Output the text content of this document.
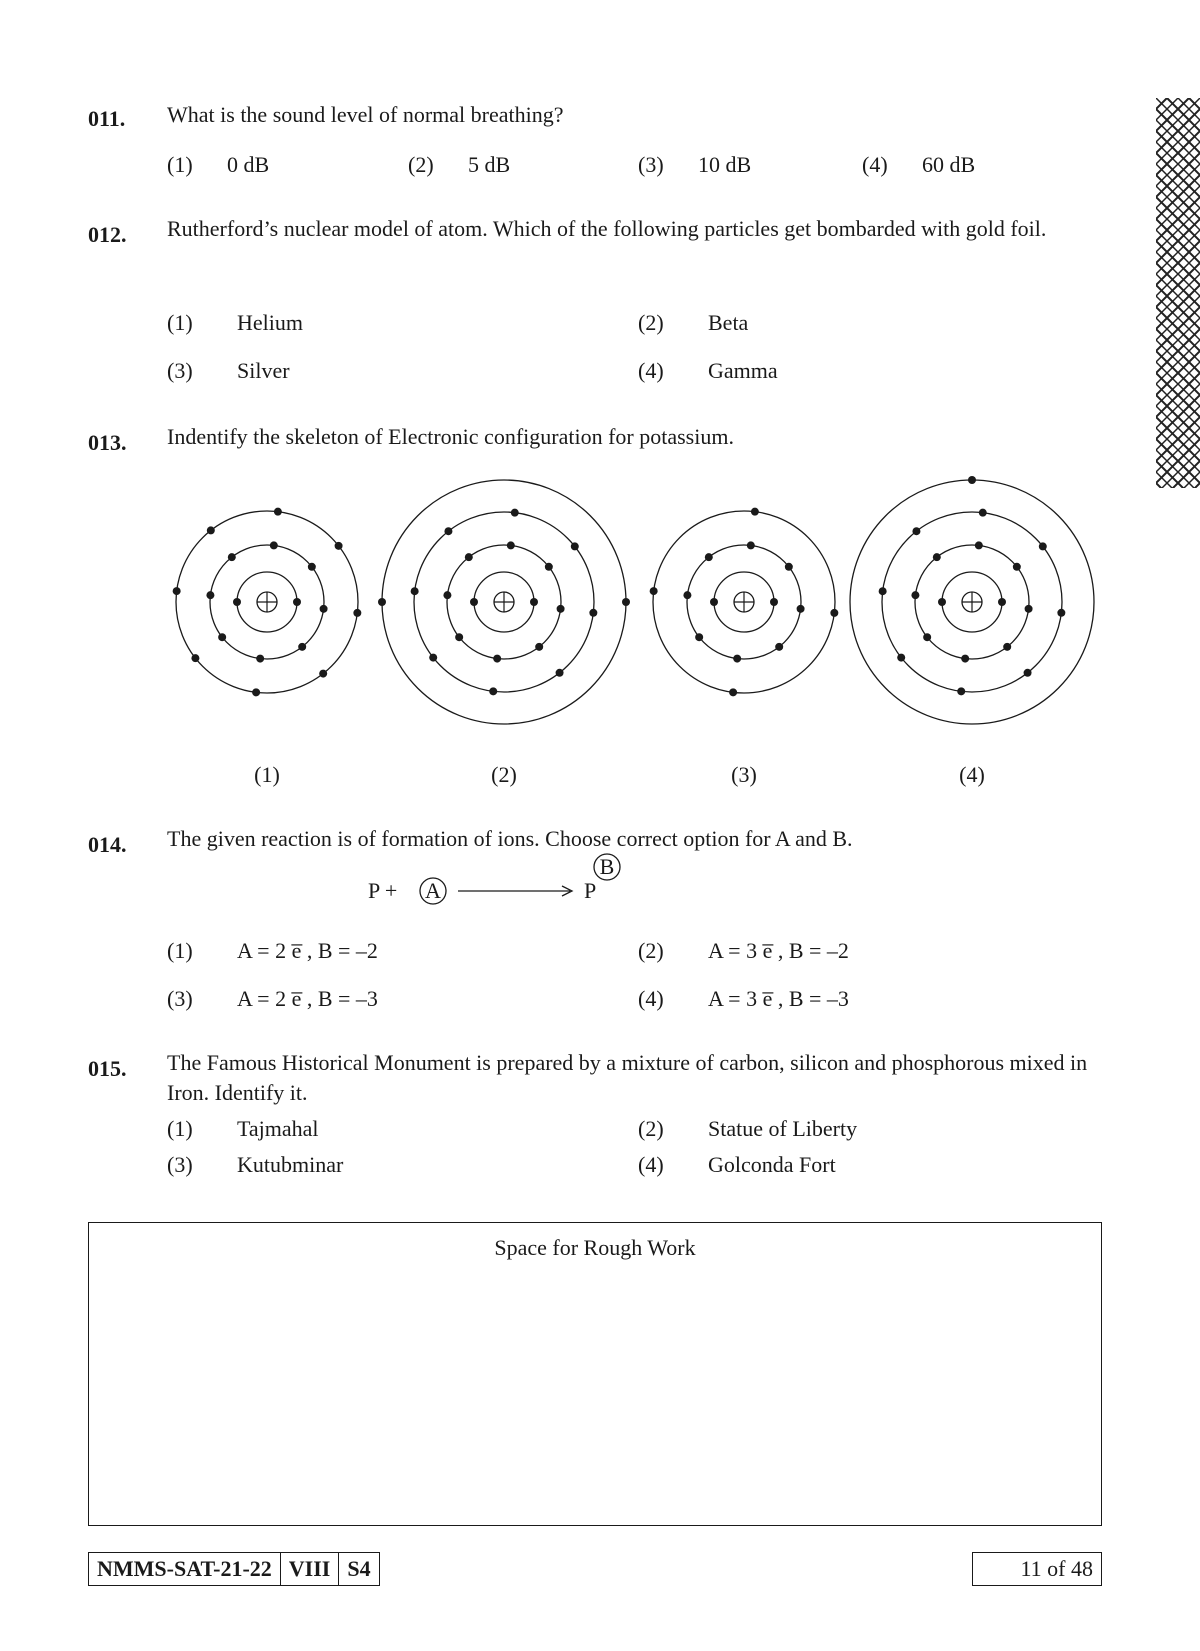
011. What is the sound level of normal breathing?
(1) 0 dB	(2) 5 dB	(3) 10 dB	(4) 60 dB
012. Rutherford’s nuclear model of atom. Which of the following particles get bombarded with gold foil.
(1) Helium	(2) Beta
(3) Silver	(4) Gamma
013. Indentify the skeleton of Electronic configuration for potassium.
(1)	(2)	(3)	(4)
014. The given reaction is of formation of ions. Choose correct option for A and B.
P +	A	P
B
(1) A = 2 e̅ , B = –2	(2) A = 3 e̅ , B = –2
(3) A = 2 e̅ , B = –3	(4) A = 3 e̅ , B = –3
015. The Famous Historical Monument is prepared by a mixture of carbon, silicon and phosphorous mixed in Iron. Identify it.
(1) Tajmahal	(2) Statue of Liberty
(3) Kutubminar	(4) Golconda Fort
Space for Rough Work
NMMS-SAT-21-22 VIII S4	11 of 48
